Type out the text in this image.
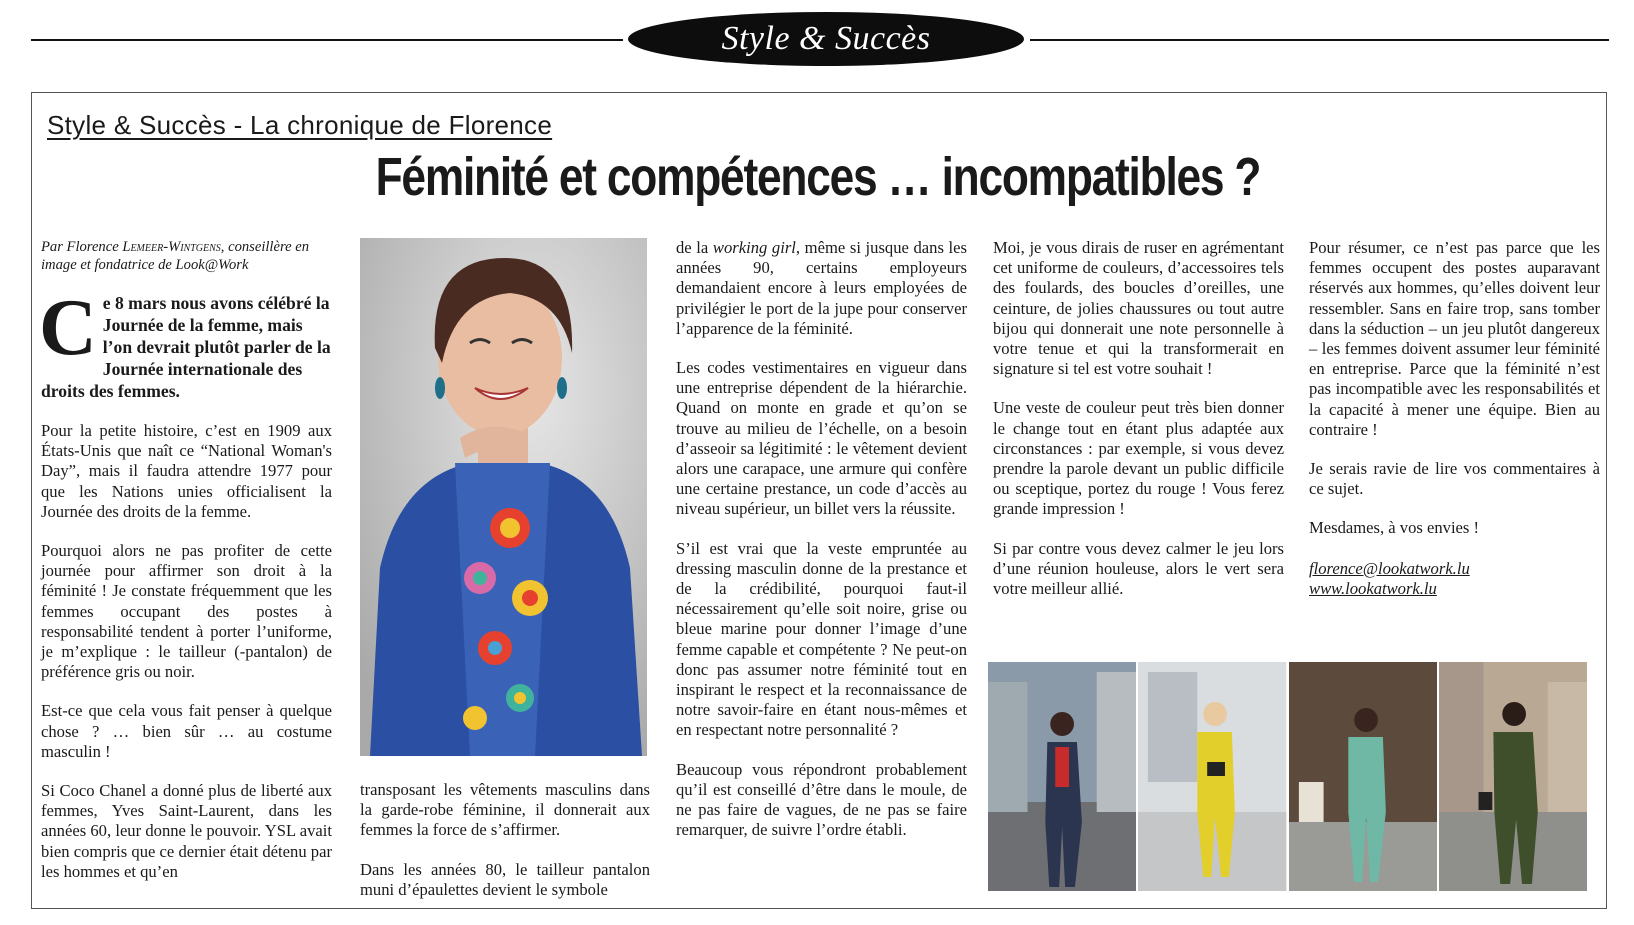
Style & Succès
Style & Succès - La chronique de Florence
Féminité et compétences … incompatibles ?

Par Florence Lemeer-Wintgens, conseillère en image et fondatrice de Look@Work

Ce 8 mars nous avons célébré la Journée de la femme, mais l’on devrait plutôt parler de la Journée internationale des droits des femmes.

Pour la petite histoire, c’est en 1909 aux États-Unis que naît ce “National Woman's Day”, mais il faudra attendre 1977 pour que les Nations unies officialisent la Journée des droits de la femme.

Pourquoi alors ne pas profiter de cette journée pour affirmer son droit à la féminité ! Je constate fréquemment que les femmes occupant des postes à responsabilité tendent à porter l’uniforme, je m’explique : le tailleur (-pantalon) de préférence gris ou noir.

Est-ce que cela vous fait penser à quelque chose ? … bien sûr … au costume masculin !

Si Coco Chanel a donné plus de liberté aux femmes, Yves Saint-Laurent, dans les années 60, leur donne le pouvoir. YSL avait bien compris que ce dernier était détenu par les hommes et qu’en

transposant les vêtements masculins dans la garde-robe féminine, il donnerait aux femmes la force de s’affirmer.

Dans les années 80, le tailleur pantalon muni d’épaulettes devient le symbole

de la working girl, même si jusque dans les années 90, certains employeurs demandaient encore à leurs employées de privilégier le port de la jupe pour conserver l’apparence de la féminité.

Les codes vestimentaires en vigueur dans une entreprise dépendent de la hiérarchie. Quand on monte en grade et qu’on se trouve au milieu de l’échelle, on a besoin d’asseoir sa légitimité : le vêtement devient alors une carapace, une armure qui confère une certaine prestance, un code d’accès au niveau supérieur, un billet vers la réussite.

S’il est vrai que la veste empruntée au dressing masculin donne de la prestance et de la crédibilité, pourquoi faut-il nécessairement qu’elle soit noire, grise ou bleue marine pour donner l’image d’une femme capable et compétente ? Ne peut-on donc pas assumer notre féminité tout en inspirant le respect et la reconnaissance de notre savoir-faire en étant nous-mêmes et en respectant notre personnalité ?

Beaucoup vous répondront probablement qu’il est conseillé d’être dans le moule, de ne pas faire de vagues, de ne pas se faire remarquer, de suivre l’ordre établi.

Moi, je vous dirais de ruser en agrémentant cet uniforme de couleurs, d’accessoires tels des foulards, des boucles d’oreilles, une ceinture, de jolies chaussures ou tout autre bijou qui donnerait une note personnelle à votre tenue et qui la transformerait en signature si tel est votre souhait !

Une veste de couleur peut très bien donner le change tout en étant plus adaptée aux circonstances : par exemple, si vous devez prendre la parole devant un public difficile ou sceptique, portez du rouge ! Vous ferez grande impression !

Si par contre vous devez calmer le jeu lors d’une réunion houleuse, alors le vert sera votre meilleur allié.

Pour résumer, ce n’est pas parce que les femmes occupent des postes auparavant réservés aux hommes, qu’elles doivent leur ressembler. Sans en faire trop, sans tomber dans la séduction – un jeu plutôt dangereux – les femmes doivent assumer leur féminité en entreprise. Parce que la féminité n’est pas incompatible avec les responsabilités et la capacité à mener une équipe. Bien au contraire !

Je serais ravie de lire vos commentaires à ce sujet.

Mesdames, à vos envies !

florence@lookatwork.lu

www.lookatwork.lu
